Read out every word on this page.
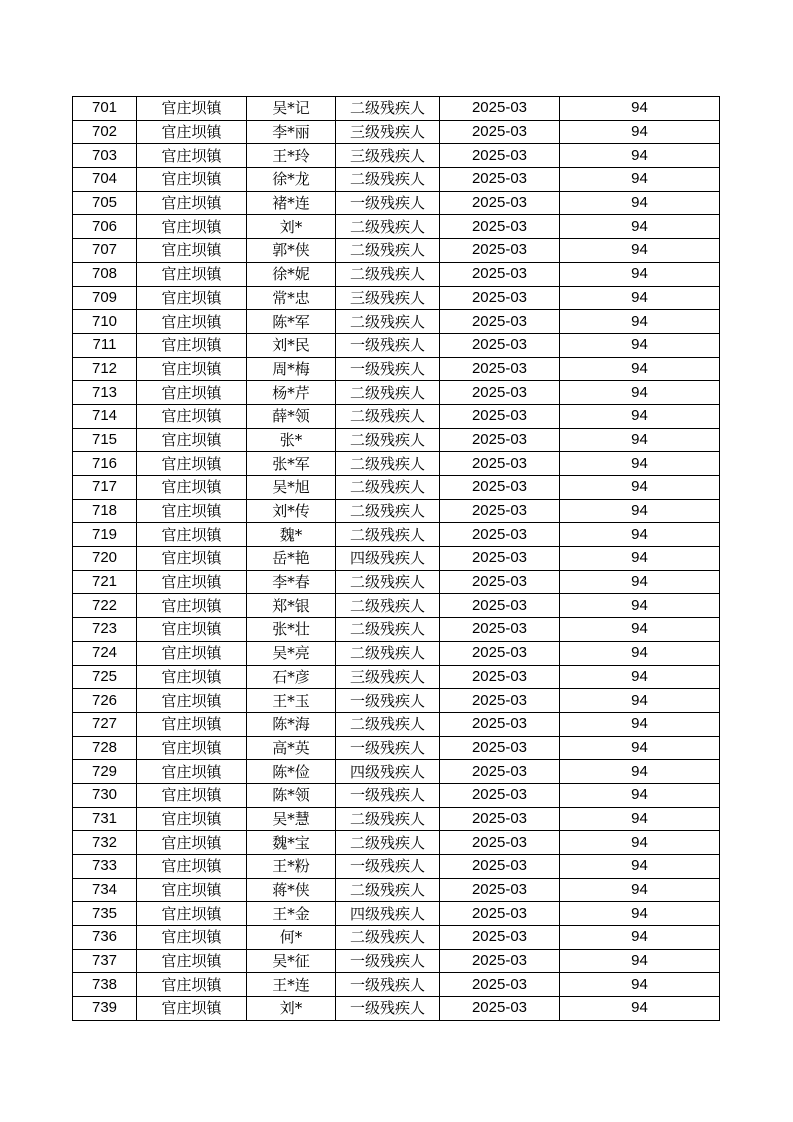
701	官庄坝镇	吴*记	二级残疾人	2025-03	94
702	官庄坝镇	李*丽	三级残疾人	2025-03	94
703	官庄坝镇	王*玲	三级残疾人	2025-03	94
704	官庄坝镇	徐*龙	二级残疾人	2025-03	94
705	官庄坝镇	褚*连	一级残疾人	2025-03	94
706	官庄坝镇	刘*	二级残疾人	2025-03	94
707	官庄坝镇	郭*侠	二级残疾人	2025-03	94
708	官庄坝镇	徐*妮	二级残疾人	2025-03	94
709	官庄坝镇	常*忠	三级残疾人	2025-03	94
710	官庄坝镇	陈*军	二级残疾人	2025-03	94
711	官庄坝镇	刘*民	一级残疾人	2025-03	94
712	官庄坝镇	周*梅	一级残疾人	2025-03	94
713	官庄坝镇	杨*芹	二级残疾人	2025-03	94
714	官庄坝镇	薛*领	二级残疾人	2025-03	94
715	官庄坝镇	张*	二级残疾人	2025-03	94
716	官庄坝镇	张*军	二级残疾人	2025-03	94
717	官庄坝镇	吴*旭	二级残疾人	2025-03	94
718	官庄坝镇	刘*传	二级残疾人	2025-03	94
719	官庄坝镇	魏*	二级残疾人	2025-03	94
720	官庄坝镇	岳*艳	四级残疾人	2025-03	94
721	官庄坝镇	李*春	二级残疾人	2025-03	94
722	官庄坝镇	郑*银	二级残疾人	2025-03	94
723	官庄坝镇	张*壮	二级残疾人	2025-03	94
724	官庄坝镇	吴*亮	二级残疾人	2025-03	94
725	官庄坝镇	石*彦	三级残疾人	2025-03	94
726	官庄坝镇	王*玉	一级残疾人	2025-03	94
727	官庄坝镇	陈*海	二级残疾人	2025-03	94
728	官庄坝镇	高*英	一级残疾人	2025-03	94
729	官庄坝镇	陈*俭	四级残疾人	2025-03	94
730	官庄坝镇	陈*领	一级残疾人	2025-03	94
731	官庄坝镇	吴*慧	二级残疾人	2025-03	94
732	官庄坝镇	魏*宝	二级残疾人	2025-03	94
733	官庄坝镇	王*粉	一级残疾人	2025-03	94
734	官庄坝镇	蒋*侠	二级残疾人	2025-03	94
735	官庄坝镇	王*金	四级残疾人	2025-03	94
736	官庄坝镇	何*	二级残疾人	2025-03	94
737	官庄坝镇	吴*征	一级残疾人	2025-03	94
738	官庄坝镇	王*连	一级残疾人	2025-03	94
739	官庄坝镇	刘*	一级残疾人	2025-03	94
